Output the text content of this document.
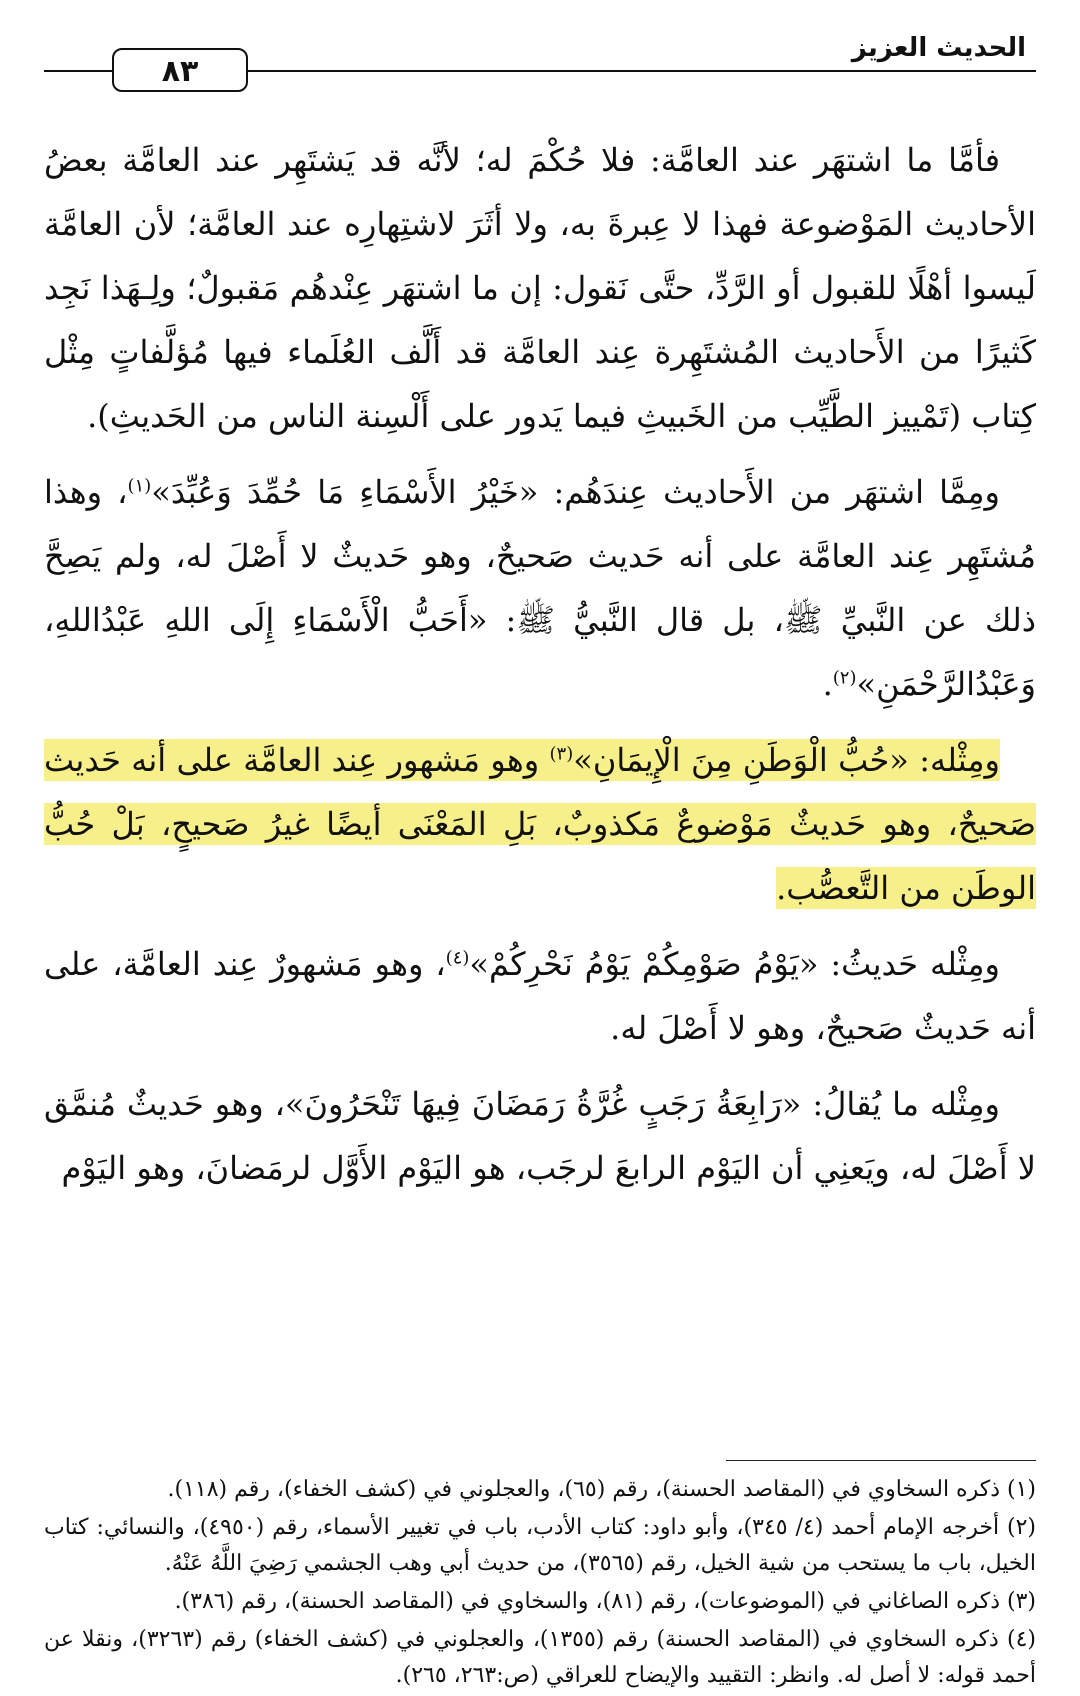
الحديث العزيز
٨٣

فأمَّا ما اشتهَر عند العامَّة: فلا حُكْمَ له؛ لأنَّه قد يَشتَهِر عند العامَّة بعضُ الأحاديث المَوْضوعة فهذا لا عِبرةَ به، ولا أثَرَ لاشتِهارِه عند العامَّة؛ لأن العامَّة لَيسوا أهْلًا للقبول أو الرَّدِّ، حتَّى نَقول: إن ما اشتهَر عِنْدهُم مَقبولٌ؛ ولِـهَذا نَجِد كَثيرًا من الأَحاديث المُشتَهِرة عِند العامَّة قد أَلَّف العُلَماء فيها مُؤلَّفاتٍ مِثْل كِتاب (تَمْييز الطَّيِّب من الخَبيثِ فيما يَدور على أَلْسِنة الناس من الحَديثِ).

ومِمَّا اشتهَر من الأَحاديث عِندَهُم: «خَيْرُ الأَسْمَاءِ مَا حُمِّدَ وَعُبِّدَ»$^{(١)}$، وهذا مُشتَهِر عِند العامَّة على أنه حَديث صَحيحٌ، وهو حَديثٌ لا أَصْلَ له، ولم يَصِحَّ ذلك عن النَّبيِّ ﷺ، بل قال النَّبيُّ ﷺ: «أَحَبُّ الْأَسْمَاءِ إِلَى اللهِ عَبْدُاللهِ، وَعَبْدُالرَّحْمَنِ»$^{(٢)}$.

ومِثْله: «حُبُّ الْوَطَنِ مِنَ الْإِيمَانِ»$^{(٣)}$ وهو مَشهور عِند العامَّة على أنه حَديث صَحيحٌ، وهو حَديثٌ مَوْضوعٌ مَكذوبٌ، بَلِ المَعْنَى أيضًا غيرُ صَحيحٍ، بَلْ حُبُّ الوطَن من التَّعصُّب.

ومِثْله حَديثُ: «يَوْمُ صَوْمِكُمْ يَوْمُ نَحْرِكُمْ»$^{(٤)}$، وهو مَشهورٌ عِند العامَّة، على أنه حَديثٌ صَحيحٌ، وهو لا أَصْلَ له.

ومِثْله ما يُقالُ: «رَابِعَةُ رَجَبٍ غُرَّةُ رَمَضَانَ فِيهَا تَنْحَرُونَ»، وهو حَديثٌ مُنمَّق لا أَصْلَ له، ويَعنِي أن اليَوْم الرابعَ لرجَب، هو اليَوْم الأَوَّل لرمَضانَ، وهو اليَوْم

(١) ذكره السخاوي في (المقاصد الحسنة)، رقم (٦٥)، والعجلوني في (كشف الخفاء)، رقم (١١٨).

(٢) أخرجه الإمام أحمد (٤/ ٣٤٥)، وأبو داود: كتاب الأدب، باب في تغيير الأسماء، رقم (٤٩٥٠)، والنسائي: كتاب الخيل، باب ما يستحب من شية الخيل، رقم (٣٥٦٥)، من حديث أبي وهب الجشمي رَضِيَ اللَّهُ عَنْهُ.

(٣) ذكره الصاغاني في (الموضوعات)، رقم (٨١)، والسخاوي في (المقاصد الحسنة)، رقم (٣٨٦).

(٤) ذكره السخاوي في (المقاصد الحسنة) رقم (١٣٥٥)، والعجلوني في (كشف الخفاء) رقم (٣٢٦٣)، ونقلا عن أحمد قوله: لا أصل له. وانظر: التقييد والإيضاح للعراقي (ص:٢٦٣، ٢٦٥).
